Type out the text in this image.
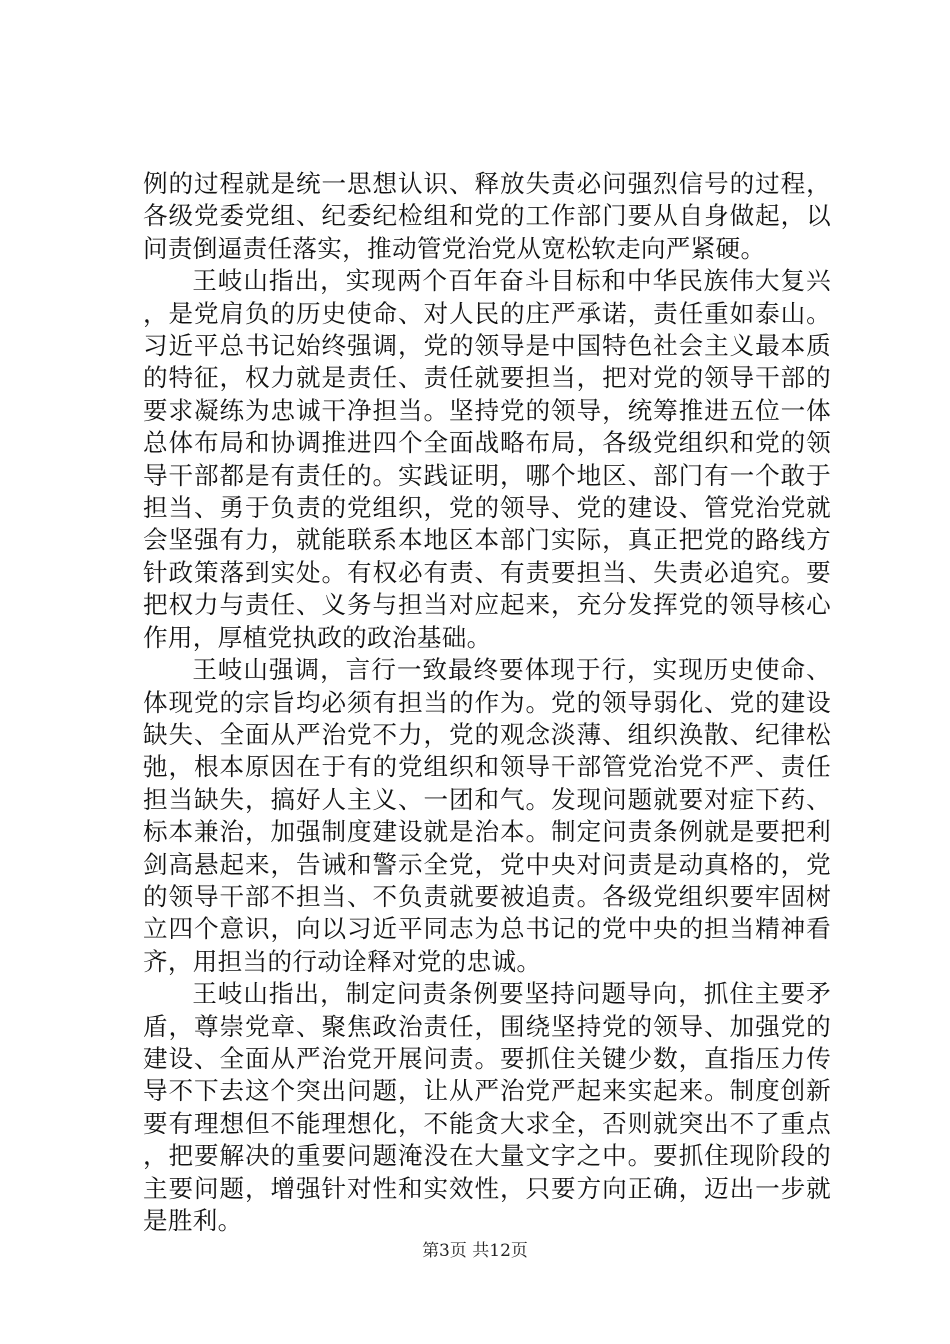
例的过程就是统一思想认识、释放失责必问强烈信号的过程，各级党委党组、纪委纪检组和党的工作部门要从自身做起，以问责倒逼责任落实，推动管党治党从宽松软走向严紧硬。

王岐山指出，实现两个百年奋斗目标和中华民族伟大复兴，是党肩负的历史使命、对人民的庄严承诺，责任重如泰山。习近平总书记始终强调，党的领导是中国特色社会主义最本质的特征，权力就是责任、责任就要担当，把对党的领导干部的要求凝练为忠诚干净担当。坚持党的领导，统筹推进五位一体总体布局和协调推进四个全面战略布局，各级党组织和党的领导干部都是有责任的。实践证明，哪个地区、部门有一个敢于担当、勇于负责的党组织，党的领导、党的建设、管党治党就会坚强有力，就能联系本地区本部门实际，真正把党的路线方针政策落到实处。有权必有责、有责要担当、失责必追究。要把权力与责任、义务与担当对应起来，充分发挥党的领导核心作用，厚植党执政的政治基础。

王岐山强调，言行一致最终要体现于行，实现历史使命、体现党的宗旨均必须有担当的作为。党的领导弱化、党的建设缺失、全面从严治党不力，党的观念淡薄、组织涣散、纪律松弛，根本原因在于有的党组织和领导干部管党治党不严、责任担当缺失，搞好人主义、一团和气。发现问题就要对症下药、标本兼治，加强制度建设就是治本。制定问责条例就是要把利剑高悬起来，告诫和警示全党，党中央对问责是动真格的，党的领导干部不担当、不负责就要被追责。各级党组织要牢固树立四个意识，向以习近平同志为总书记的党中央的担当精神看齐，用担当的行动诠释对党的忠诚。

王岐山指出，制定问责条例要坚持问题导向，抓住主要矛盾，尊崇党章、聚焦政治责任，围绕坚持党的领导、加强党的建设、全面从严治党开展问责。要抓住关键少数，直指压力传导不下去这个突出问题，让从严治党严起来实起来。制度创新要有理想但不能理想化，不能贪大求全，否则就突出不了重点，把要解决的重要问题淹没在大量文字之中。要抓住现阶段的主要问题，增强针对性和实效性，只要方向正确，迈出一步就是胜利。

第3页 共12页
